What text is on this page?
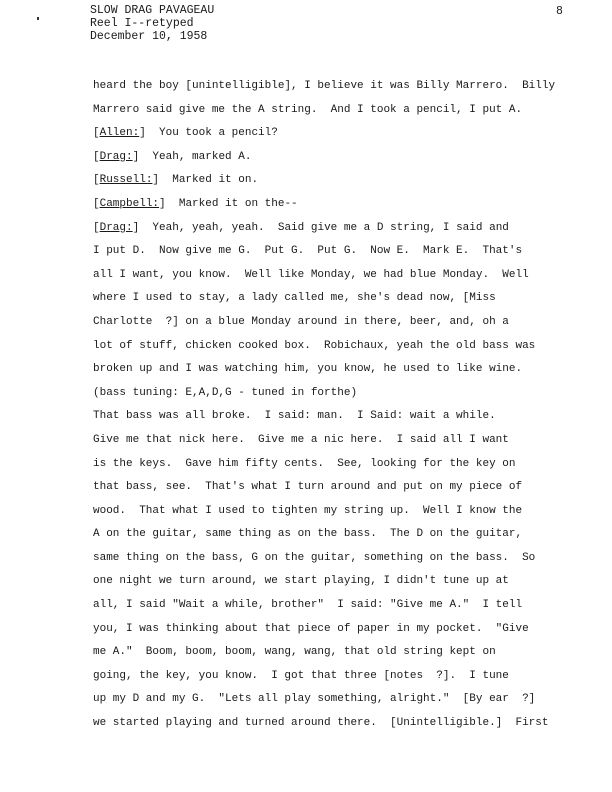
SLOW DRAG PAVAGEAU
Reel I--retyped
December 10, 1958
8
heard the boy [unintelligible], I believe it was Billy Marrero.  Billy
Marrero said give me the A string.  And I took a pencil, I put A.
[Allen:]  You took a pencil?
[Drag:]  Yeah, marked A.
[Russell:]  Marked it on.
[Campbell:]  Marked it on the--
[Drag:]  Yeah, yeah, yeah.  Said give me a D string, I said and
I put D.  Now give me G.  Put G.  Put G.  Now E.  Mark E.  That's
all I want, you know.  Well like Monday, we had blue Monday.  Well
where I used to stay, a lady called me, she's dead now, [Miss
Charlotte  ?] on a blue Monday around in there, beer, and, oh a
lot of stuff, chicken cooked box.  Robichaux, yeah the old bass was
broken up and I was watching him, you know, he used to like wine.
(bass tuning: E,A,D,G - tuned in forthe)
That bass was all broke.  I said: man.  I Said: wait a while.
Give me that nick here.  Give me a nic here.  I said all I want
is the keys.  Gave him fifty cents.  See, looking for the key on
that bass, see.  That's what I turn around and put on my piece of
wood.  That what I used to tighten my string up.  Well I know the
A on the guitar, same thing as on the bass.  The D on the guitar,
same thing on the bass, G on the guitar, something on the bass.  So
one night we turn around, we start playing, I didn't tune up at
all, I said "Wait a while, brother"  I said: "Give me A."  I tell
you, I was thinking about that piece of paper in my pocket.  "Give
me A."  Boom, boom, boom, wang, wang, that old string kept on
going, the key, you know.  I got that three [notes  ?].  I tune
up my D and my G.  "Lets all play something, alright."  [By ear  ?]
we started playing and turned around there.  [Unintelligible.]  First
